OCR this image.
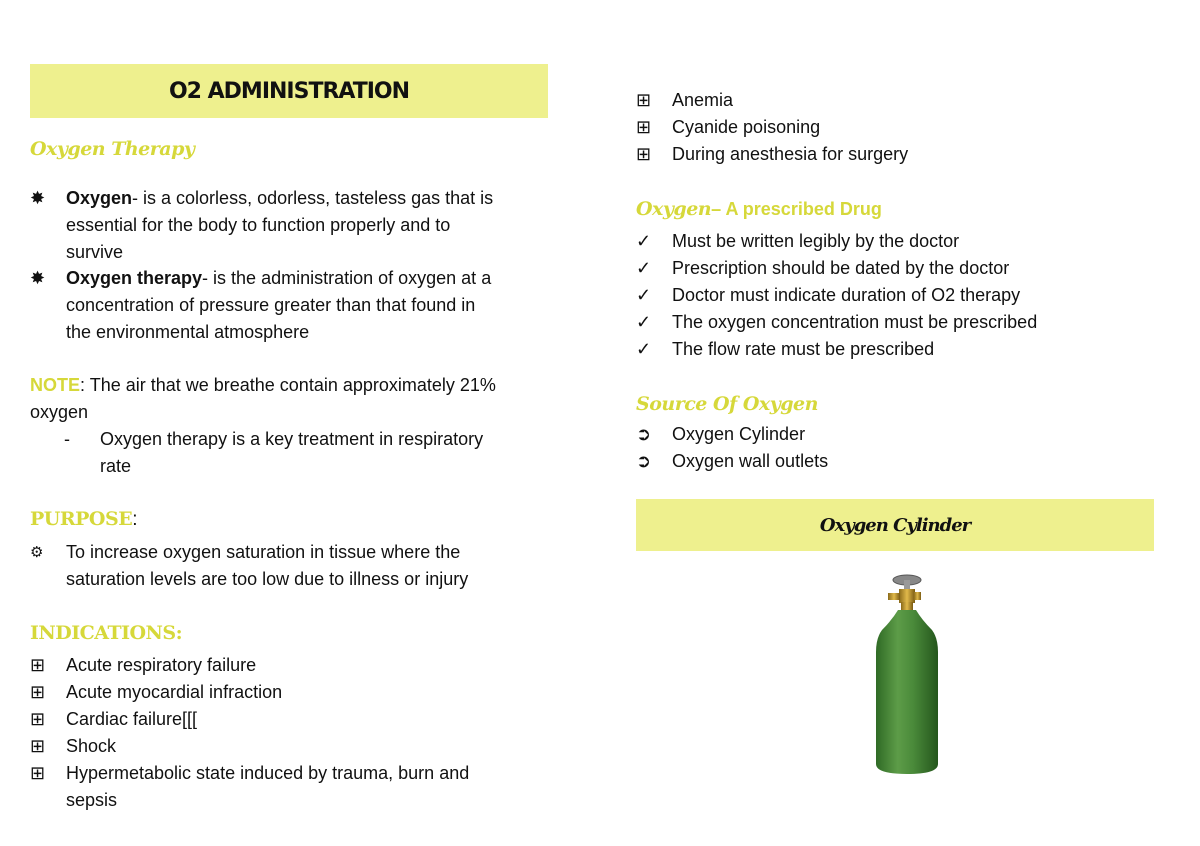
O2 ADMINISTRATION
Oxygen Therapy
✸	Oxygen- is a colorless, odorless, tasteless gas that is
essential for the body to function properly and to
survive
✸	Oxygen therapy- is the administration of oxygen at a
concentration of pressure greater than that found in
the environmental atmosphere
NOTE: The air that we breathe contain approximately 21%
oxygen
-	Oxygen therapy is a key treatment in respiratory
rate
PURPOSE:
⚙	To increase oxygen saturation in tissue where the
saturation levels are too low due to illness or injury
INDICATIONS:
⊞	Acute respiratory failure
⊞	Acute myocardial infraction
⊞	Cardiac failure[[[
⊞	Shock
⊞	Hypermetabolic state induced by trauma, burn and
sepsis
⊞	Anemia
⊞	Cyanide poisoning
⊞	During anesthesia for surgery
Oxygen– A prescribed Drug
✓	Must be written legibly by the doctor
✓	Prescription should be dated by the doctor
✓	Doctor must indicate duration of O2 therapy
✓	The oxygen concentration must be prescribed
✓	The flow rate must be prescribed
Source Of Oxygen
➲	Oxygen Cylinder
➲	Oxygen wall outlets
Oxygen Cylinder
